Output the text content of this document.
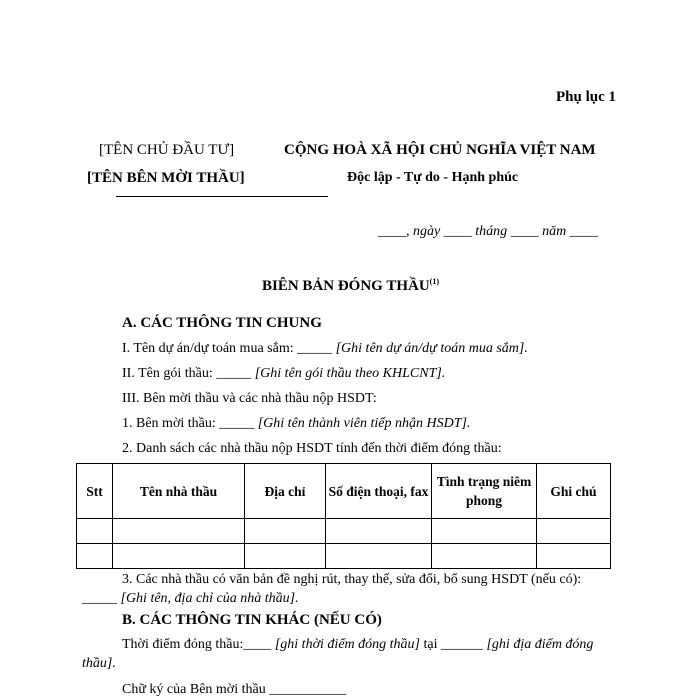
Phụ lục 1
[TÊN CHỦ ĐẦU TƯ]
[TÊN BÊN MỜI THẦU]
CỘNG HOÀ XÃ HỘI CHỦ NGHĨA VIỆT NAM
Độc lập - Tự do - Hạnh phúc
____, ngày ____ tháng ____ năm ____
BIÊN BẢN ĐÓNG THẦU$^{(1)}$
A. CÁC THÔNG TIN CHUNG
I. Tên dự án/dự toán mua sắm: _____ [Ghi tên dự án/dự toán mua sắm].
II. Tên gói thầu: _____ [Ghi tên gói thầu theo KHLCNT].
III. Bên mời thầu và các nhà thầu nộp HSDT:
1. Bên mời thầu: _____ [Ghi tên thành viên tiếp nhận HSDT].
2. Danh sách các nhà thầu nộp HSDT tính đến thời điểm đóng thầu:
Stt	Tên nhà thầu	Địa chỉ	Số điện thoại, fax	Tình trạng niêm phong	Ghi chú

3. Các nhà thầu có văn bản đề nghị rút, thay thế, sửa đổi, bổ sung HSDT (nếu có):
_____ [Ghi tên, địa chỉ của nhà thầu].
B. CÁC THÔNG TIN KHÁC (NẾU CÓ)
Thời điểm đóng thầu:____ [ghi thời điểm đóng thầu] tại ______ [ghi địa điểm đóng
thầu].
Chữ ký của Bên mời thầu ___________
